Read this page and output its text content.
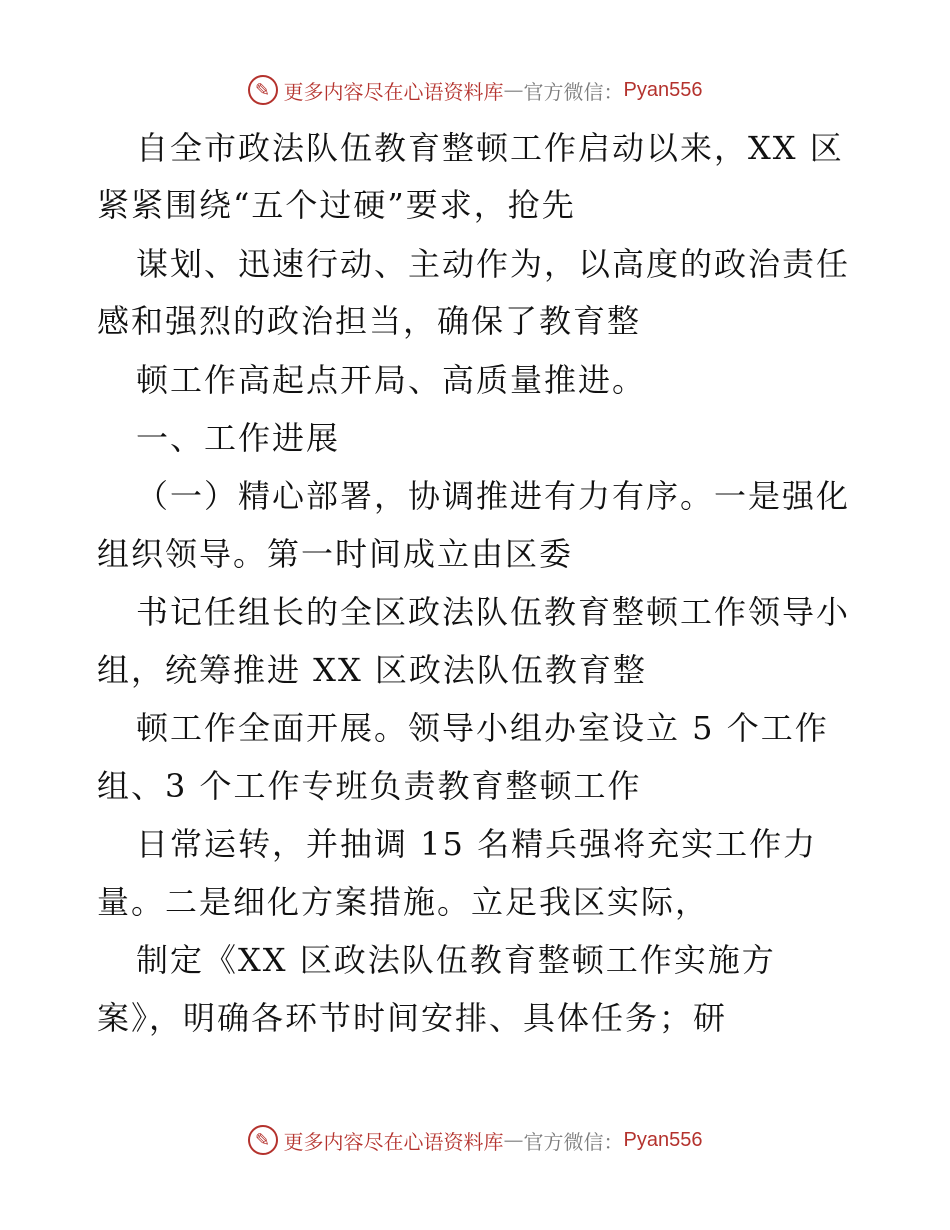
✎ 更多内容尽在心语资料库 — 官方微信： Pyan556
自全市政法队伍教育整顿工作启动以来，XX 区
紧紧围绕“五个过硬”要求，抢先
谋划、迅速行动、主动作为，以高度的政治责任
感和强烈的政治担当，确保了教育整
顿工作高起点开局、高质量推进。
一、工作进展
（一）精心部署，协调推进有力有序。一是强化
组织领导。第一时间成立由区委
书记任组长的全区政法队伍教育整顿工作领导小
组，统筹推进 XX 区政法队伍教育整
顿工作全面开展。领导小组办室设立 5 个工作
组、3 个工作专班负责教育整顿工作
日常运转，并抽调 15 名精兵强将充实工作力
量。二是细化方案措施。立足我区实际，
制定《XX 区政法队伍教育整顿工作实施方
案》，明确各环节时间安排、具体任务；研
✎ 更多内容尽在心语资料库 — 官方微信： Pyan556
